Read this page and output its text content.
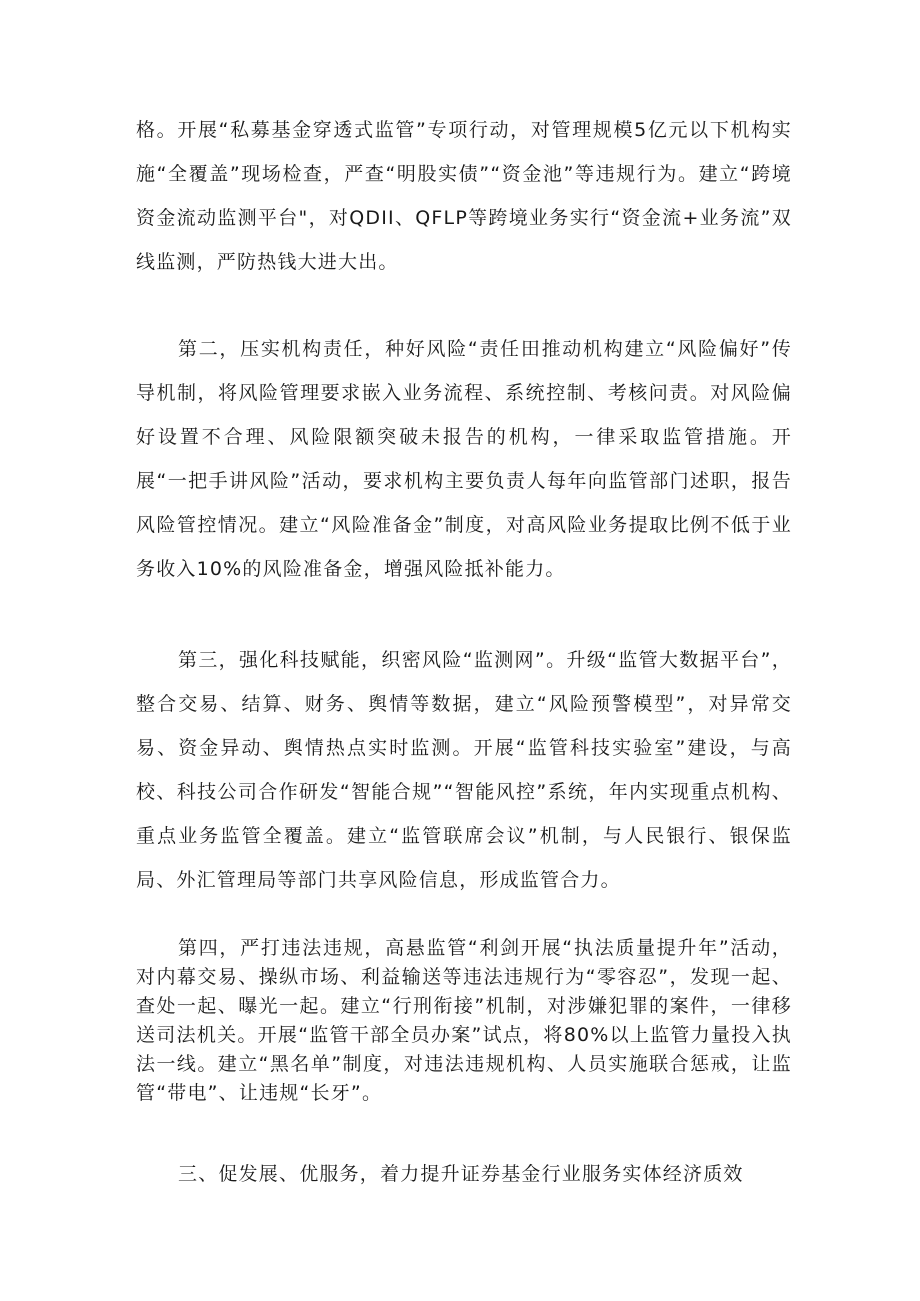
格。开展“私募基金穿透式监管”专项行动，对管理规模5亿元以下机构实施“全覆盖”现场检查，严查“明股实债”“资金池”等违规行为。建立“跨境资金流动监测平台"，对QDII、QFLP等跨境业务实行“资金流+业务流”双线监测，严防热钱大进大出。

第二，压实机构责任，种好风险“责任田推动机构建立“风险偏好”传导机制，将风险管理要求嵌入业务流程、系统控制、考核问责。对风险偏好设置不合理、风险限额突破未报告的机构，一律采取监管措施。开展“一把手讲风险”活动，要求机构主要负责人每年向监管部门述职，报告风险管控情况。建立“风险准备金”制度，对高风险业务提取比例不低于业务收入10%的风险准备金，增强风险抵补能力。

第三，强化科技赋能，织密风险“监测网”。升级“监管大数据平台”，整合交易、结算、财务、舆情等数据，建立“风险预警模型”，对异常交易、资金异动、舆情热点实时监测。开展“监管科技实验室”建设，与高校、科技公司合作研发“智能合规”“智能风控”系统，年内实现重点机构、重点业务监管全覆盖。建立“监管联席会议”机制，与人民银行、银保监局、外汇管理局等部门共享风险信息，形成监管合力。

第四，严打违法违规，高悬监管“利剑开展“执法质量提升年”活动，对内幕交易、操纵市场、利益输送等违法违规行为“零容忍”，发现一起、查处一起、曝光一起。建立“行刑衔接”机制，对涉嫌犯罪的案件，一律移送司法机关。开展“监管干部全员办案”试点，将80%以上监管力量投入执法一线。建立“黑名单”制度，对违法违规机构、人员实施联合惩戒，让监管“带电”、让违规“长牙”。

三、促发展、优服务，着力提升证券基金行业服务实体经济质效
